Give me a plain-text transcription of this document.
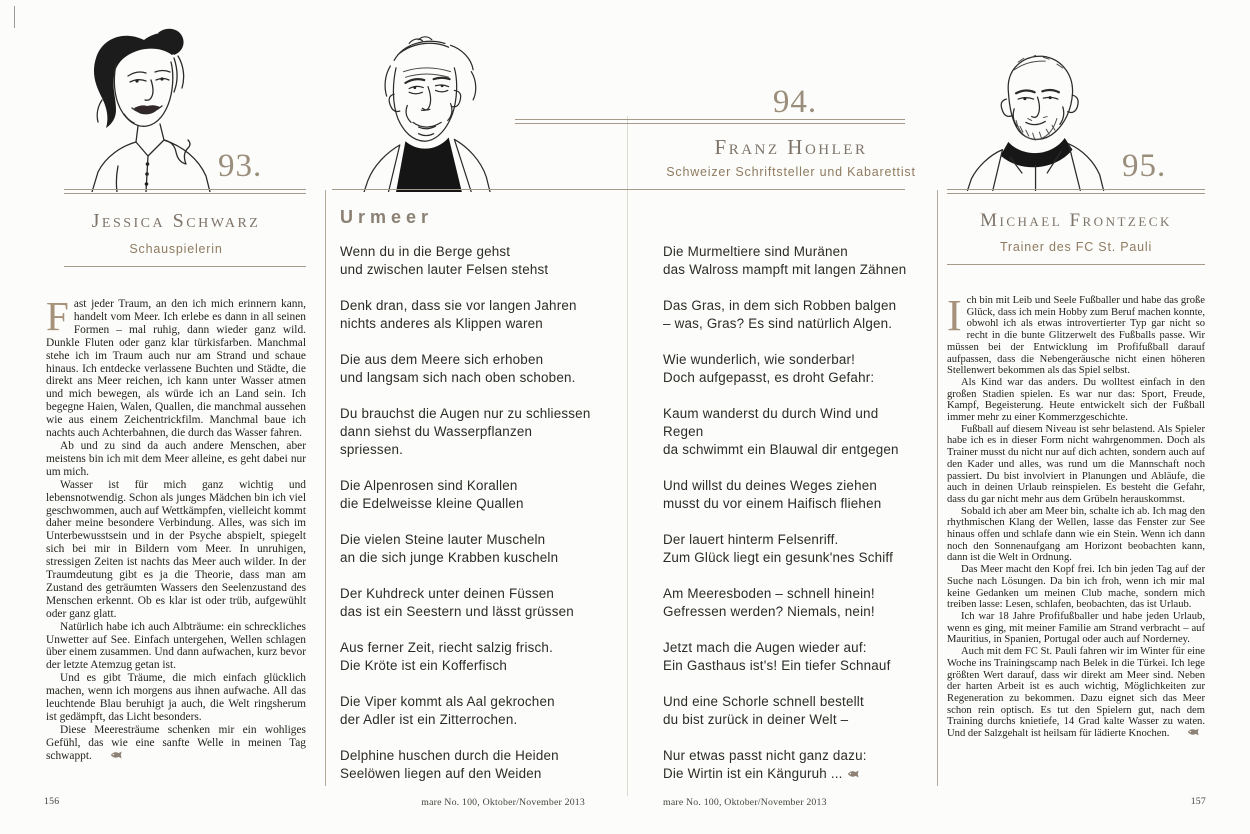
93.
Jessica Schwarz
Schauspielerin

Fast jeder Traum, an den ich mich erinnern kann, handelt vom Meer. Ich erlebe es dann in all seinen Formen – mal ruhig, dann wieder ganz wild. Dunkle Fluten oder ganz klar türkisfarben. Manchmal stehe ich im Traum auch nur am Strand und schaue hinaus. Ich entdecke verlassene Buchten und Städte, die direkt ans Meer reichen, ich kann unter Wasser atmen und mich bewegen, als würde ich an Land sein. Ich begegne Haien, Walen, Quallen, die manchmal aussehen wie aus einem Zeichentrickfilm. Manchmal baue ich nachts auch Achterbahnen, die durch das Wasser fahren.

Ab und zu sind da auch andere Menschen, aber meistens bin ich mit dem Meer alleine, es geht dabei nur um mich.

Wasser ist für mich ganz wichtig und lebensnotwendig. Schon als junges Mädchen bin ich viel geschwommen, auch auf Wettkämpfen, vielleicht kommt daher meine besondere Verbindung. Alles, was sich im Unterbewusstsein und in der Psyche abspielt, spiegelt sich bei mir in Bildern vom Meer. In unruhigen, stressigen Zeiten ist nachts das Meer auch wilder. In der Traumdeutung gibt es ja die Theorie, dass man am Zustand des geträumten Wassers den Seelenzustand des Menschen erkennt. Ob es klar ist oder trüb, aufgewühlt oder ganz glatt.

Natürlich habe ich auch Albträume: ein schreckliches Unwetter auf See. Einfach untergehen, Wellen schlagen über einem zusammen. Und dann aufwachen, kurz bevor der letzte Atemzug getan ist.

Und es gibt Träume, die mich einfach glücklich machen, wenn ich morgens aus ihnen aufwache. All das leuchtende Blau beruhigt ja auch, die Welt ringsherum ist gedämpft, das Licht besonders.

Diese Meeresträume schenken mir ein wohliges Gefühl, das wie eine sanfte Welle in meinen Tag schwappt.

94.
Franz Hohler
Schweizer Schriftsteller und Kabarettist
Urmeer
Wenn du in die Berge gehst
und zwischen lauter Felsen stehst
Denk dran, dass sie vor langen Jahren
nichts anderes als Klippen waren
Die aus dem Meere sich erhoben
und langsam sich nach oben schoben.
Du brauchst die Augen nur zu schliessen
dann siehst du Wasserpflanzen spriessen.
Die Alpenrosen sind Korallen
die Edelweisse kleine Quallen
Die vielen Steine lauter Muscheln
an die sich junge Krabben kuscheln
Der Kuhdreck unter deinen Füssen
das ist ein Seestern und lässt grüssen
Aus ferner Zeit, riecht salzig frisch.
Die Kröte ist ein Kofferfisch
Die Viper kommt als Aal gekrochen
der Adler ist ein Zitterrochen.
Delphine huschen durch die Heiden
Seelöwen liegen auf den Weiden
Die Murmeltiere sind Muränen
das Walross mampft mit langen Zähnen
Das Gras, in dem sich Robben balgen
– was, Gras? Es sind natürlich Algen.
Wie wunderlich, wie sonderbar!
Doch aufgepasst, es droht Gefahr:
Kaum wanderst du durch Wind und Regen
da schwimmt ein Blauwal dir entgegen
Und willst du deines Weges ziehen
musst du vor einem Haifisch fliehen
Der lauert hinterm Felsenriff.
Zum Glück liegt ein gesunk'nes Schiff
Am Meeresboden – schnell hinein!
Gefressen werden? Niemals, nein!
Jetzt mach die Augen wieder auf:
Ein Gasthaus ist's! Ein tiefer Schnauf
Und eine Schorle schnell bestellt
du bist zurück in deiner Welt –
Nur etwas passt nicht ganz dazu:
Die Wirtin ist ein Känguruh ...
95.
Michael Frontzeck
Trainer des FC St. Pauli

Ich bin mit Leib und Seele Fußballer und habe das große Glück, dass ich mein Hobby zum Beruf machen konnte, obwohl ich als etwas introvertierter Typ gar nicht so recht in die bunte Glitzerwelt des Fußballs passe. Wir müssen bei der Entwicklung im Profifußball darauf aufpassen, dass die Nebengeräusche nicht einen höheren Stellenwert bekommen als das Spiel selbst.

Als Kind war das anders. Du wolltest einfach in den großen Stadien spielen. Es war nur das: Sport, Freude, Kampf, Begeisterung. Heute entwickelt sich der Fußball immer mehr zu einer Kommerzgeschichte.

Fußball auf diesem Niveau ist sehr belastend. Als Spieler habe ich es in dieser Form nicht wahrgenommen. Doch als Trainer musst du nicht nur auf dich achten, sondern auch auf den Kader und alles, was rund um die Mannschaft noch passiert. Du bist involviert in Planungen und Abläufe, die auch in deinen Urlaub reinspielen. Es besteht die Gefahr, dass du gar nicht mehr aus dem Grübeln herauskommst.

Sobald ich aber am Meer bin, schalte ich ab. Ich mag den rhythmischen Klang der Wellen, lasse das Fenster zur See hinaus offen und schlafe dann wie ein Stein. Wenn ich dann noch den Sonnenaufgang am Horizont beobachten kann, dann ist die Welt in Ordnung.

Das Meer macht den Kopf frei. Ich bin jeden Tag auf der Suche nach Lösungen. Da bin ich froh, wenn ich mir mal keine Gedanken um meinen Club mache, sondern mich treiben lasse: Lesen, schlafen, beobachten, das ist Urlaub.

Ich war 18 Jahre Profifußballer und habe jeden Urlaub, wenn es ging, mit meiner Familie am Strand verbracht – auf Mauritius, in Spanien, Portugal oder auch auf Norderney.

Auch mit dem FC St. Pauli fahren wir im Winter für eine Woche ins Trainingscamp nach Belek in die Türkei. Ich lege größten Wert darauf, dass wir direkt am Meer sind. Neben der harten Arbeit ist es auch wichtig, Möglichkeiten zur Regeneration zu bekommen. Dazu eignet sich das Meer schon rein optisch. Es tut den Spielern gut, nach dem Training durchs knietiefe, 14 Grad kalte Wasser zu waten. Und der Salzgehalt ist heilsam für lädierte Knochen.

156	mare No. 100, Oktober/November 2013	mare No. 100, Oktober/November 2013	157
